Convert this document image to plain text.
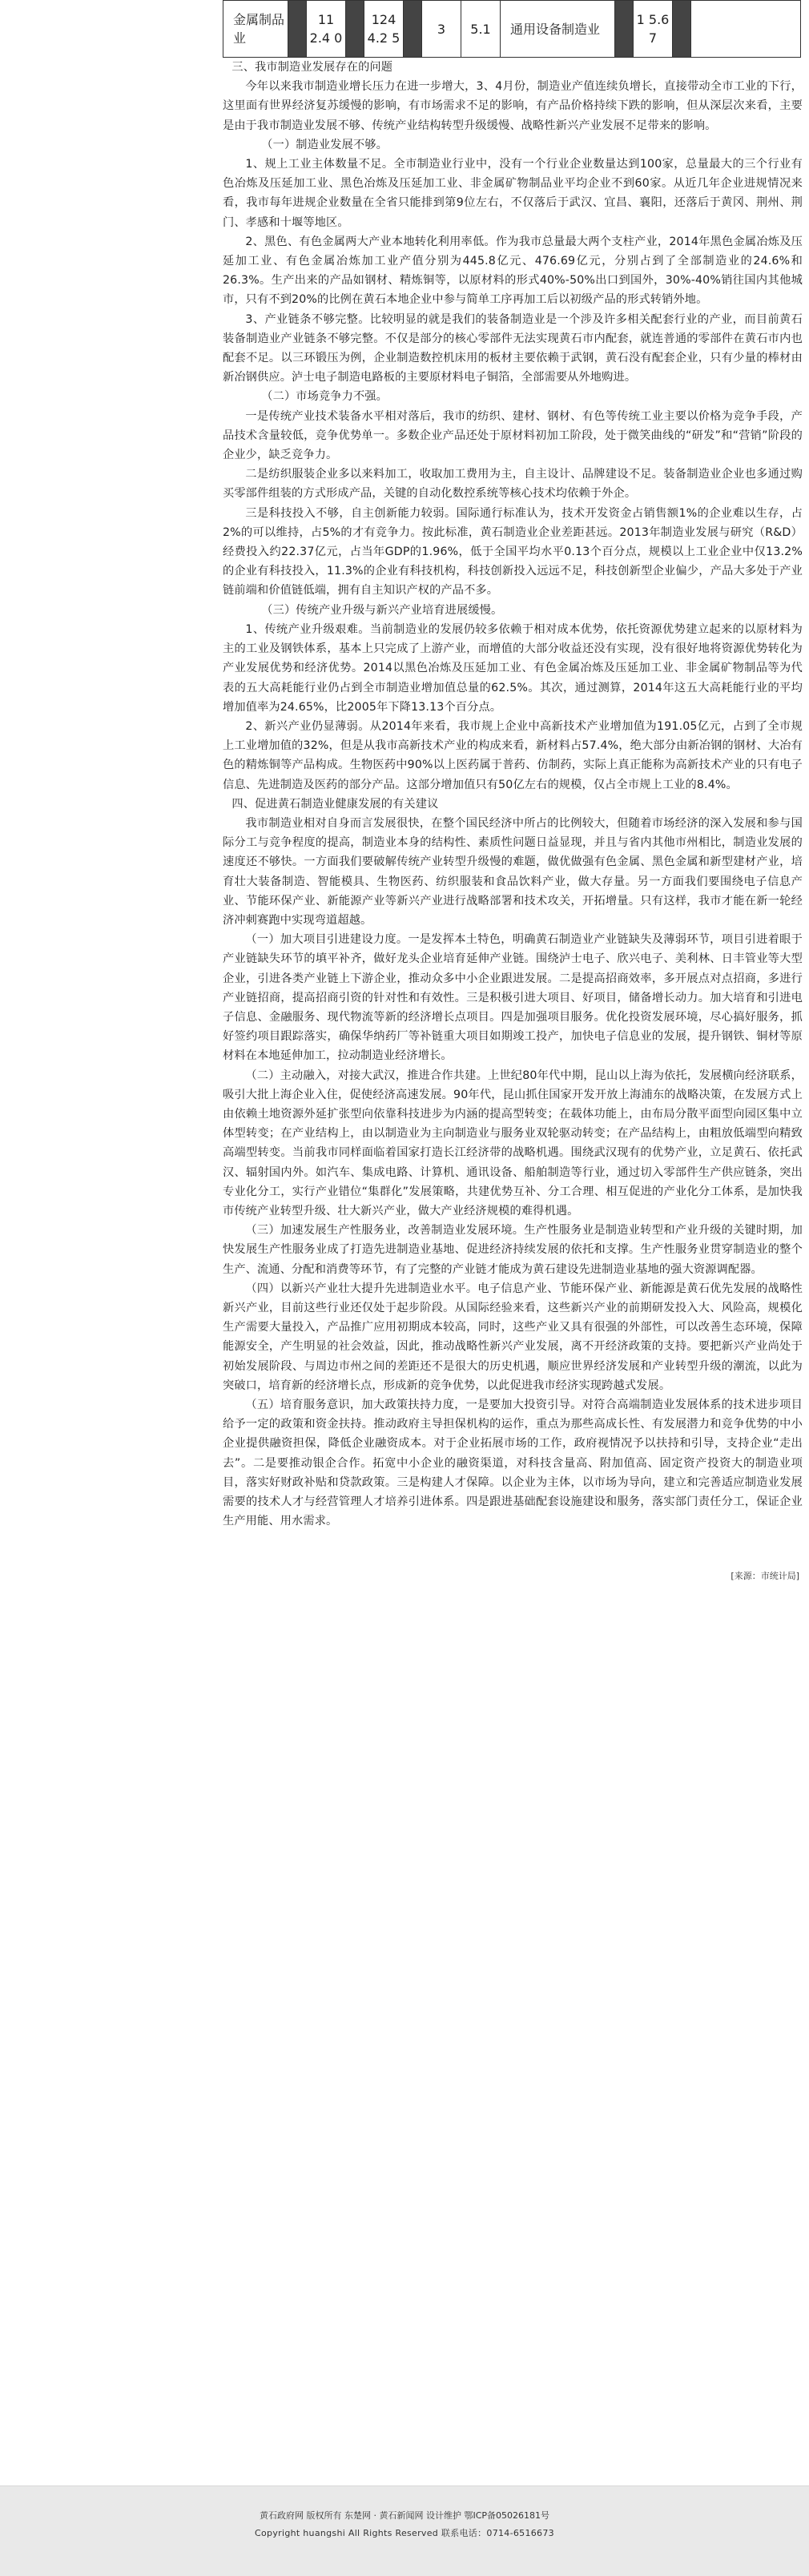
金属制品业		11 2.4 0		124 4.2 5		3	5.1	通用设备制造业		1 5.6 7		

三、我市制造业发展存在的问题

今年以来我市制造业增长压力在进一步增大，3、4月份，制造业产值连续负增长，直接带动全市工业的下行，这里面有世界经济复苏缓慢的影响，有市场需求不足的影响，有产品价格持续下跌的影响，但从深层次来看，主要是由于我市制造业发展不够、传统产业结构转型升级缓慢、战略性新兴产业发展不足带来的影响。

（一）制造业发展不够。

1、规上工业主体数量不足。全市制造业行业中，没有一个行业企业数量达到100家，总量最大的三个行业有色冶炼及压延加工业、黑色冶炼及压延加工业、非金属矿物制品业平均企业不到60家。从近几年企业进规情况来看，我市每年进规企业数量在全省只能排到第9位左右，不仅落后于武汉、宜昌、襄阳，还落后于黄冈、荆州、荆门、孝感和十堰等地区。

2、黑色、有色金属两大产业本地转化利用率低。作为我市总量最大两个支柱产业，2014年黑色金属冶炼及压延加工业、有色金属冶炼加工业产值分别为445.8亿元、476.69亿元，分别占到了全部制造业的24.6%和26.3%。生产出来的产品如钢材、精炼铜等，以原材料的形式40%-50%出口到国外，30%-40%销往国内其他城市，只有不到20%的比例在黄石本地企业中参与简单工序再加工后以初级产品的形式转销外地。

3、产业链条不够完整。比较明显的就是我们的装备制造业是一个涉及许多相关配套行业的产业，而目前黄石装备制造业产业链条不够完整。不仅是部分的核心零部件无法实现黄石市内配套，就连普通的零部件在黄石市内也配套不足。以三环锻压为例，企业制造数控机床用的板材主要依赖于武钢，黄石没有配套企业，只有少量的棒材由新冶钢供应。泸士电子制造电路板的主要原材料电子铜箔，全部需要从外地购进。

（二）市场竞争力不强。

一是传统产业技术装备水平相对落后，我市的纺织、建材、钢材、有色等传统工业主要以价格为竞争手段，产品技术含量较低，竞争优势单一。多数企业产品还处于原材料初加工阶段，处于微笑曲线的“研发”和“营销”阶段的企业少，缺乏竞争力。

二是纺织服装企业多以来料加工，收取加工费用为主，自主设计、品牌建设不足。装备制造业企业也多通过购买零部件组装的方式形成产品，关键的自动化数控系统等核心技术均依赖于外企。

三是科技投入不够，自主创新能力较弱。国际通行标准认为，技术开发资金占销售额1%的企业难以生存，占2%的可以维持，占5%的才有竞争力。按此标准，黄石制造业企业差距甚远。2013年制造业发展与研究（R&D）经费投入约22.37亿元，占当年GDP的1.96%，低于全国平均水平0.13个百分点，规模以上工业企业中仅13.2%的企业有科技投入，11.3%的企业有科技机构，科技创新投入远远不足，科技创新型企业偏少，产品大多处于产业链前端和价值链低端，拥有自主知识产权的产品不多。

（三）传统产业升级与新兴产业培育进展缓慢。

1、传统产业升级艰难。当前制造业的发展仍较多依赖于相对成本优势，依托资源优势建立起来的以原材料为主的工业及钢铁体系，基本上只完成了上游产业，而增值的大部分收益还没有实现，没有很好地将资源优势转化为产业发展优势和经济优势。2014以黑色冶炼及压延加工业、有色金属冶炼及压延加工业、非金属矿物制品等为代表的五大高耗能行业仍占到全市制造业增加值总量的62.5%。其次，通过测算，2014年这五大高耗能行业的平均增加值率为24.65%，比2005年下降13.13个百分点。

2、新兴产业仍显薄弱。从2014年来看，我市规上企业中高新技术产业增加值为191.05亿元，占到了全市规上工业增加值的32%，但是从我市高新技术产业的构成来看，新材料占57.4%，绝大部分由新冶钢的钢材、大冶有色的精炼铜等产品构成。生物医药中90%以上医药属于普药、仿制药，实际上真正能称为高新技术产业的只有电子信息、先进制造及医药的部分产品。这部分增加值只有50亿左右的规模，仅占全市规上工业的8.4%。

四、促进黄石制造业健康发展的有关建议

我市制造业相对自身而言发展很快，在整个国民经济中所占的比例较大，但随着市场经济的深入发展和参与国际分工与竞争程度的提高，制造业本身的结构性、素质性问题日益显现，并且与省内其他市州相比，制造业发展的速度还不够快。一方面我们要破解传统产业转型升级慢的难题，做优做强有色金属、黑色金属和新型建材产业，培育壮大装备制造、智能模具、生物医药、纺织服装和食品饮料产业，做大存量。另一方面我们要围绕电子信息产业、节能环保产业、新能源产业等新兴产业进行战略部署和技术攻关，开拓增量。只有这样，我市才能在新一轮经济冲刺赛跑中实现弯道超越。

（一）加大项目引进建设力度。一是发挥本土特色，明确黄石制造业产业链缺失及薄弱环节，项目引进着眼于产业链缺失环节的填平补齐，做好龙头企业培育延伸产业链。围绕泸士电子、欣兴电子、美利林、日丰管业等大型企业，引进各类产业链上下游企业，推动众多中小企业跟进发展。二是提高招商效率，多开展点对点招商，多进行产业链招商，提高招商引资的针对性和有效性。三是积极引进大项目、好项目，储备增长动力。加大培育和引进电子信息、金融服务、现代物流等新的经济增长点项目。四是加强项目服务。优化投资发展环境，尽心搞好服务，抓好签约项目跟踪落实，确保华纳药厂等补链重大项目如期竣工投产，加快电子信息业的发展，提升钢铁、铜材等原材料在本地延伸加工，拉动制造业经济增长。

（二）主动融入，对接大武汉，推进合作共建。上世纪80年代中期，昆山以上海为依托，发展横向经济联系，吸引大批上海企业入住，促使经济高速发展。90年代，昆山抓住国家开发开放上海浦东的战略决策，在发展方式上由依赖土地资源外延扩张型向依靠科技进步为内涵的提高型转变；在载体功能上，由布局分散平面型向园区集中立体型转变；在产业结构上，由以制造业为主向制造业与服务业双轮驱动转变；在产品结构上，由粗放低端型向精致高端型转变。当前我市同样面临着国家打造长江经济带的战略机遇。围绕武汉现有的优势产业，立足黄石、依托武汉、辐射国内外。如汽车、集成电路、计算机、通讯设备、船舶制造等行业，通过切入零部件生产供应链条，突出专业化分工，实行产业错位“集群化”发展策略，共建优势互补、分工合理、相互促进的产业化分工体系，是加快我市传统产业转型升级、壮大新兴产业，做大产业经济规模的难得机遇。

（三）加速发展生产性服务业，改善制造业发展环境。生产性服务业是制造业转型和产业升级的关键时期，加快发展生产性服务业成了打造先进制造业基地、促进经济持续发展的依托和支撑。生产性服务业贯穿制造业的整个生产、流通、分配和消费等环节，有了完整的产业链才能成为黄石建设先进制造业基地的强大资源调配器。

（四）以新兴产业壮大提升先进制造业水平。电子信息产业、节能环保产业、新能源是黄石优先发展的战略性新兴产业，目前这些行业还仅处于起步阶段。从国际经验来看，这些新兴产业的前期研发投入大、风险高，规模化生产需要大量投入，产品推广应用初期成本较高，同时，这些产业又具有很强的外部性，可以改善生态环境，保障能源安全，产生明显的社会效益，因此，推动战略性新兴产业发展，离不开经济政策的支持。要把新兴产业尚处于初始发展阶段、与周边市州之间的差距还不是很大的历史机遇，顺应世界经济发展和产业转型升级的潮流，以此为突破口，培育新的经济增长点，形成新的竞争优势，以此促进我市经济实现跨越式发展。

（五）培育服务意识，加大政策扶持力度，一是要加大投资引导。对符合高端制造业发展体系的技术进步项目给予一定的政策和资金扶持。推动政府主导担保机构的运作，重点为那些高成长性、有发展潜力和竞争优势的中小企业提供融资担保，降低企业融资成本。对于企业拓展市场的工作，政府视情况予以扶持和引导，支持企业“走出去”。二是要推动银企合作。拓宽中小企业的融资渠道，对科技含量高、附加值高、固定资产投资大的制造业项目，落实好财政补贴和贷款政策。三是构建人才保障。以企业为主体，以市场为导向，建立和完善适应制造业发展需要的技术人才与经营管理人才培养引进体系。四是跟进基础配套设施建设和服务，落实部门责任分工，保证企业生产用能、用水需求。

[来源：市统计局]
黄石政府网 版权所有 东楚网 · 黄石新闻网 设计维护 鄂ICP备05026181号
Copyright huangshi All Rights Reserved 联系电话：0714-6516673
